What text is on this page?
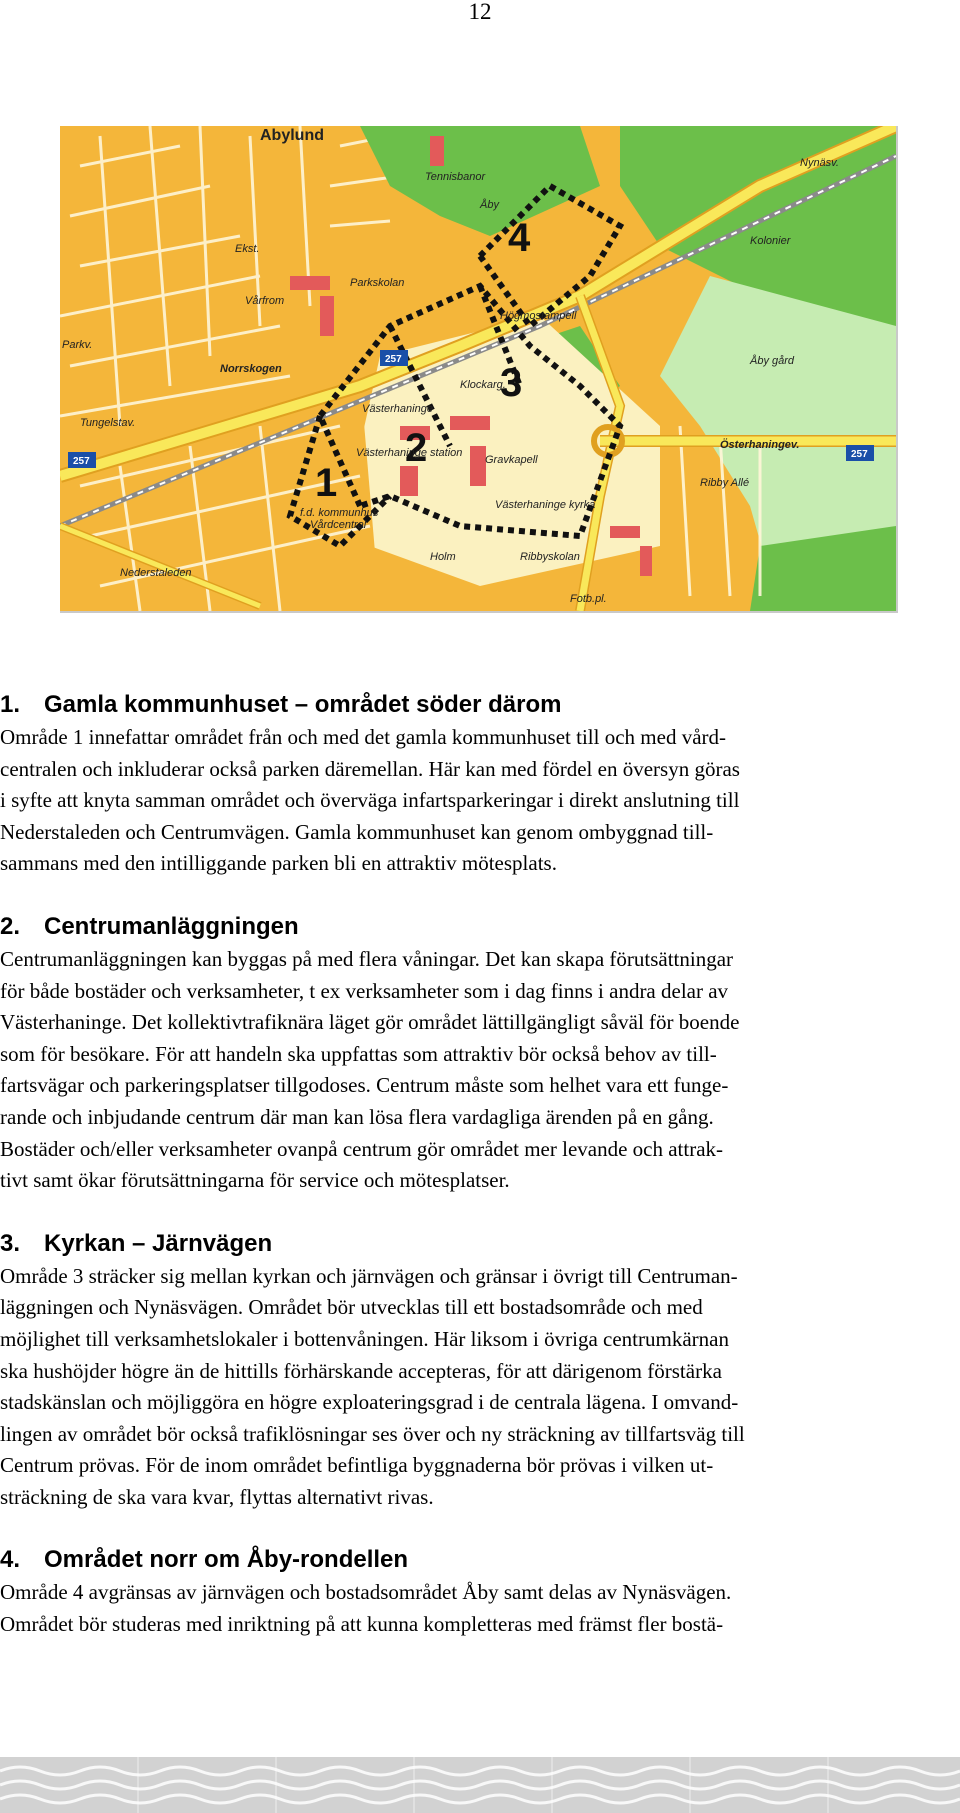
12
1
2
3
4
257
257
257
Abylund
Norrskogen
Parkskolan
Vårfrom
Ekst.
Parkv.
Tennisbanor
Åby
Kolonier
Åby gård
Nynäsv.
Österhaningev.
Klockarg.
Västerhaninge
Västerhaninge station
Gravkapell
Västerhaninge kyrka
Tungelstav.
Nederstaleden
Holm	Ribbyskolan
Fotb.pl.
f.d. kommunhus
Vårdcentral
Högmostampell
Ribby Allé
1. Gamla kommunhuset – området söder därom

Område 1 innefattar området från och med det gamla kommunhuset till och med vård-
centralen och inkluderar också parken däremellan. Här kan med fördel en översyn göras
i syfte att knyta samman området och överväga infartsparkeringar i direkt anslutning till
Nederstaleden och Centrumvägen. Gamla kommunhuset kan genom ombyggnad till-
sammans med den intilliggande parken bli en attraktiv mötesplats.

2. Centrumanläggningen

Centrumanläggningen kan byggas på med flera våningar. Det kan skapa förutsättningar
för både bostäder och verksamheter, t ex verksamheter som i dag finns i andra delar av
Västerhaninge. Det kollektivtrafiknära läget gör området lättillgängligt såväl för boende
som för besökare. För att handeln ska uppfattas som attraktiv bör också behov av till-
fartsvägar och parkeringsplatser tillgodoses. Centrum måste som helhet vara ett funge-
rande och inbjudande centrum där man kan lösa flera vardagliga ärenden på en gång.
Bostäder och/eller verksamheter ovanpå centrum gör området mer levande och attrak-
tivt samt ökar förutsättningarna för service och mötesplatser.

3. Kyrkan – Järnvägen

Område 3 sträcker sig mellan kyrkan och järnvägen och gränsar i övrigt till Centruman-
läggningen och Nynäsvägen. Området bör utvecklas till ett bostadsområde och med
möjlighet till verksamhetslokaler i bottenvåningen. Här liksom i övriga centrumkärnan
ska hushöjder högre än de hittills förhärskande accepteras, för att därigenom förstärka
stadskänslan och möjliggöra en högre exploateringsgrad i de centrala lägena. I omvand-
lingen av området bör också trafiklösningar ses över och ny sträckning av tillfartsväg till
Centrum prövas. För de inom området befintliga byggnaderna bör prövas i vilken ut-
sträckning de ska vara kvar, flyttas alternativt rivas.

4. Området norr om Åby-rondellen

Område 4 avgränsas av järnvägen och bostadsområdet Åby samt delas av Nynäsvägen.
Området bör studeras med inriktning på att kunna kompletteras med främst fler bostä-
